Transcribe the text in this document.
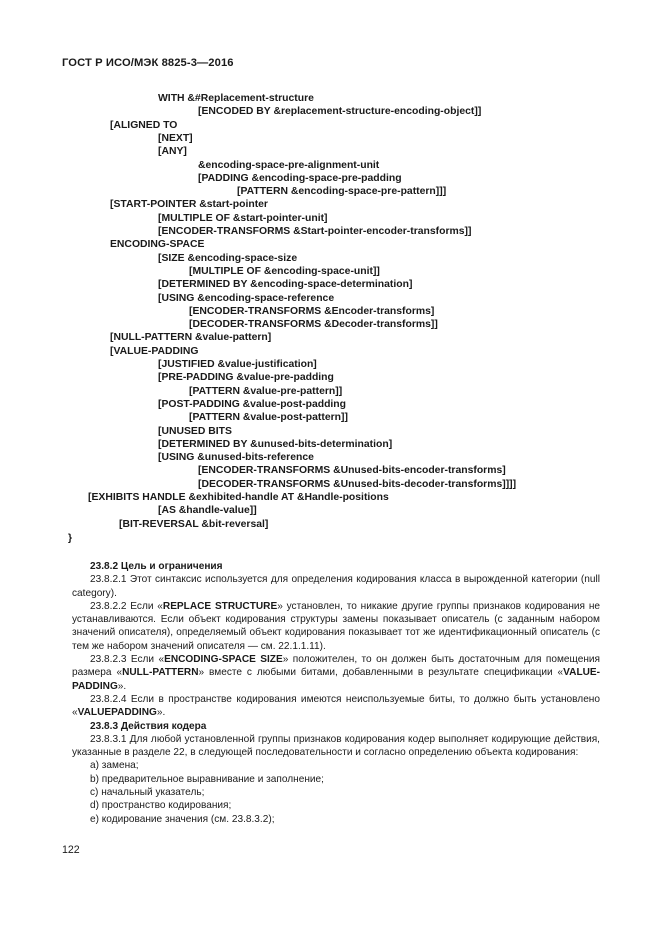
ГОСТ Р ИСО/МЭК 8825-3—2016
WITH &#Replacement-structure
[ENCODED BY &replacement-structure-encoding-object]]
[ALIGNED TO
[NEXT]
[ANY]
&encoding-space-pre-alignment-unit
[PADDING &encoding-space-pre-padding
[PATTERN &encoding-space-pre-pattern]]]
[START-POINTER &start-pointer
[MULTIPLE OF &start-pointer-unit]
[ENCODER-TRANSFORMS &Start-pointer-encoder-transforms]]
ENCODING-SPACE
[SIZE &encoding-space-size
[MULTIPLE OF &encoding-space-unit]]
[DETERMINED BY &encoding-space-determination]
[USING &encoding-space-reference
[ENCODER-TRANSFORMS &Encoder-transforms]
[DECODER-TRANSFORMS &Decoder-transforms]]
[NULL-PATTERN &value-pattern]
[VALUE-PADDING
[JUSTIFIED &value-justification]
[PRE-PADDING &value-pre-padding
[PATTERN &value-pre-pattern]]
[POST-PADDING &value-post-padding
[PATTERN &value-post-pattern]]
[UNUSED BITS
[DETERMINED BY &unused-bits-determination]
[USING &unused-bits-reference
[ENCODER-TRANSFORMS &Unused-bits-encoder-transforms]
[DECODER-TRANSFORMS &Unused-bits-decoder-transforms]]]]
[EXHIBITS HANDLE &exhibited-handle AT &Handle-positions
[AS &handle-value]]
[BIT-REVERSAL &bit-reversal]
}

23.8.2 Цель и ограничения

23.8.2.1 Этот синтаксис используется для определения кодирования класса в вырожденной категории (null category).

23.8.2.2 Если «REPLACE STRUCTURE» установлен, то никакие другие группы признаков кодирования не устанавливаются. Если объект кодирования структуры замены показывает описатель (с заданным набором значений описателя), определяемый объект кодирования показывает тот же идентификационный описатель (с тем же набором значений описателя — см. 22.1.1.11).

23.8.2.3 Если «ENCODING-SPACE SIZE» положителен, то он должен быть достаточным для помещения размера «NULL-PATTERN» вместе с любыми битами, добавленными в результате спецификации «VALUE-PADDING».

23.8.2.4 Если в пространстве кодирования имеются неиспользуемые биты, то должно быть установлено «VALUEPADDING».

23.8.3 Действия кодера

23.8.3.1 Для любой установленной группы признаков кодирования кодер выполняет кодирующие действия, указанные в разделе 22, в следующей последовательности и согласно определению объекта кодирования:

a) замена;

b) предварительное выравнивание и заполнение;

c) начальный указатель;

d) пространство кодирования;

e) кодирование значения (см. 23.8.3.2);

122
